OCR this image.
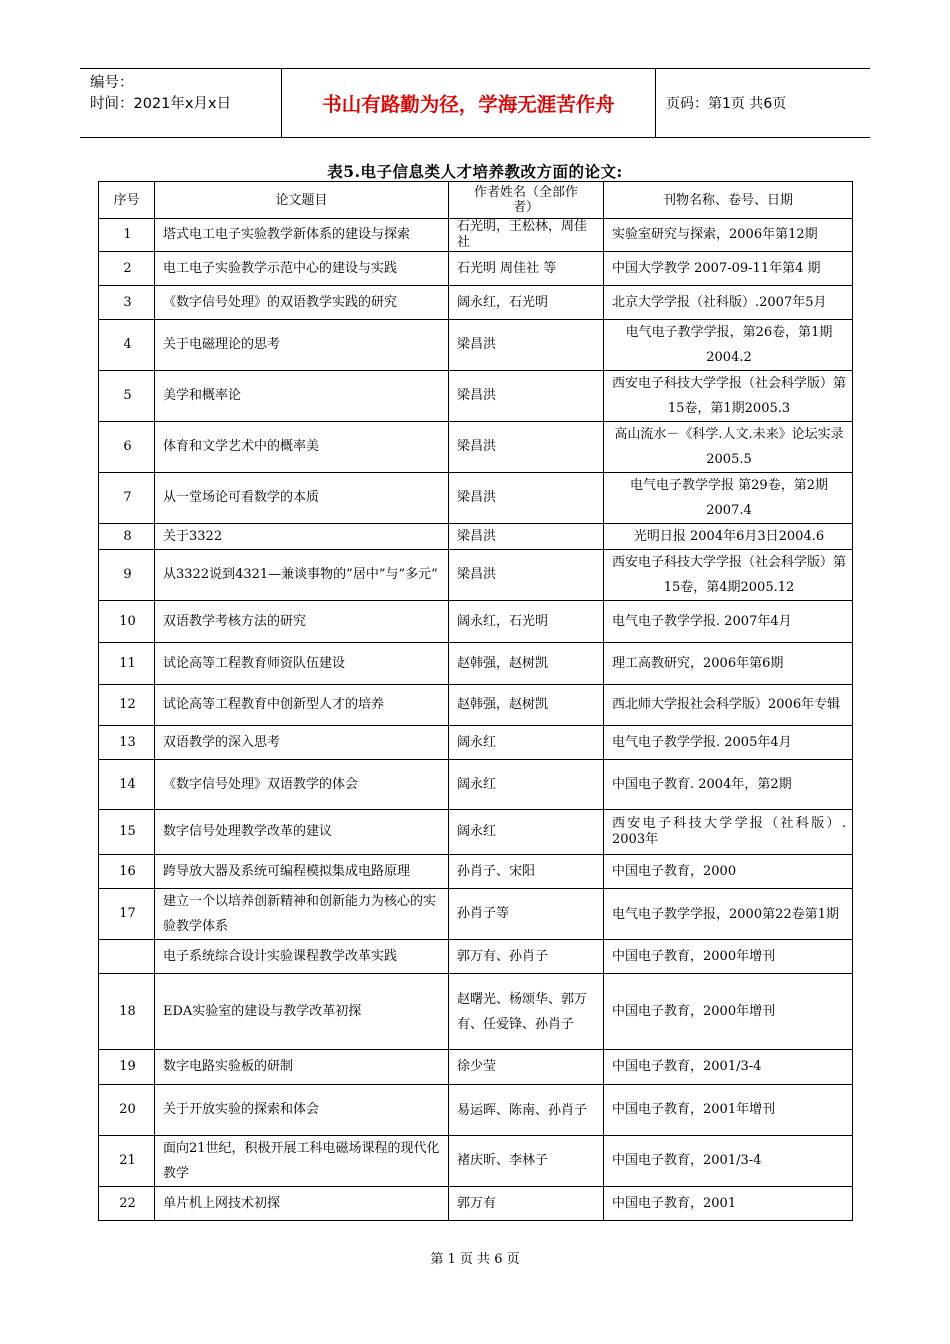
编号：
时间：2021年x月x日	书山有路勤为径，学海无涯苦作舟	页码：第1页 共6页
表5.电子信息类人才培养教改方面的论文:
序号	论文题目	作者姓名（全部作者）	刊物名称、卷号、日期
1	塔式电工电子实验教学新体系的建设与探索	石光明，王松林，周佳社	实验室研究与探索，2006年第12期
2	电工电子实验教学示范中心的建设与实践	石光明 周佳社 等	中国大学教学 2007-09-11年第4 期
3	《数字信号处理》的双语教学实践的研究	阔永红，石光明	北京大学学报（社科版）.2007年5月
4	关于电磁理论的思考	梁昌洪	电气电子教学学报，第26卷，第1期2004.2
5	美学和概率论	梁昌洪	西安电子科技大学学报（社会科学版）第15卷，第1期2005.3
6	体育和文学艺术中的概率美	梁昌洪	高山流水－《科学.人文.未来》论坛实录2005.5
7	从一堂场论可看数学的本质	梁昌洪	电气电子教学学报 第29卷，第2期2007.4
8	关于3322	梁昌洪	光明日报 2004年6月3日2004.6
9	从3322说到4321—兼谈事物的”居中”与”多元”	梁昌洪	西安电子科技大学学报（社会科学版）第15卷，第4期2005.12
10	双语教学考核方法的研究	阔永红，石光明	电气电子教学学报. 2007年4月
11	试论高等工程教育师资队伍建设	赵韩强，赵树凯	理工高教研究，2006年第6期
12	试论高等工程教育中创新型人才的培养	赵韩强，赵树凯	西北师大学报社会科学版）2006年专辑
13	双语教学的深入思考	阔永红	电气电子教学学报. 2005年4月
14	《数字信号处理》双语教学的体会	阔永红	中国电子教育. 2004年，第2期
15	数字信号处理教学改革的建议	阔永红	西安电子科技大学学报（社科版）. 2003年
16	跨导放大器及系统可编程模拟集成电路原理	孙肖子、宋阳	中国电子教育，2000
17	建立一个以培养创新精神和创新能力为核心的实验教学体系	孙肖子等	电气电子教学学报，2000第22卷第1期
	电子系统综合设计实验课程教学改革实践	郭万有、孙肖子	中国电子教育，2000年增刊
18	EDA实验室的建设与教学改革初探	赵曙光、杨颂华、郭万有、任爱锋、孙肖子	中国电子教育，2000年增刊
19	数字电路实验板的研制	徐少莹	中国电子教育，2001/3-4
20	关于开放实验的探索和体会	易运晖、陈南、孙肖子	中国电子教育，2001年增刊
21	面向21世纪，积极开展工科电磁场课程的现代化教学	褚庆昕、李林子	中国电子教育，2001/3-4
22	单片机上网技术初探	郭万有	中国电子教育，2001
第 1 页 共 6 页
